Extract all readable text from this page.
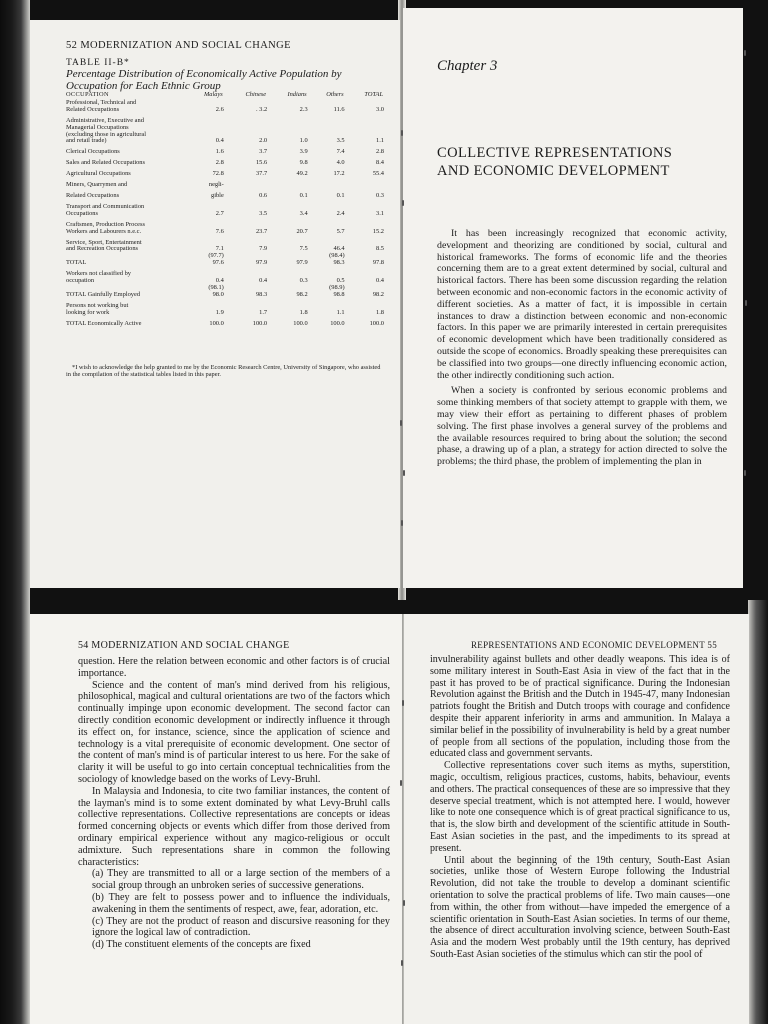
52 MODERNIZATION AND SOCIAL CHANGE
TABLE II-B*
Percentage Distribution of Economically Active Population by Occupation for Each Ethnic Group
OCCUPATION	Malays	Chinese	Indians	Others	TOTAL
Professional, Technical and					
Related Occupations	2.6	. 3.2	2.3	11.6	3.0
Administrative, Executive and					
Managerial Occupations					
(excluding those in agricultural					
and retail trade)	0.4	2.0	1.0	3.5	1.1
Clerical Occupations	1.6	3.7	3.9	7.4	2.8
Sales and Related Occupations	2.8	15.6	9.8	4.0	8.4
Agricultural Occupations	72.8	37.7	49.2	17.2	55.4
Miners, Quarrymen and	negli-				
Related Occupations	gible	0.6	0.1	0.1	0.3
Transport and Communication					
Occupations	2.7	3.5	3.4	2.4	3.1
Craftsmen, Production Process					
Workers and Labourers n.e.c.	7.6	23.7	20.7	5.7	15.2
Service, Sport, Entertainment					
and Recreation Occupations	7.1	7.9	7.5	46.4	8.5
	(97.7)			(98.4)	
TOTAL	97.6	97.9	97.9	98.3	97.8
Workers not classified by					
occupation	0.4	0.4	0.3	0.5	0.4
	(98.1)			(98.9)	
TOTAL Gainfully Employed	98.0	98.3	98.2	98.8	98.2
Persons not working but					
looking for work	1.9	1.7	1.8	1.1	1.8
TOTAL Economically Active	100.0	100.0	100.0	100.0	100.0
*I wish to acknowledge the help granted to me by the Economic Research Centre, University of Singapore, who assisted in the compilation of the statistical tables listed in this paper.
Chapter 3
COLLECTIVE REPRESENTATIONS
AND ECONOMIC DEVELOPMENT

It has been increasingly recognized that economic activity, development and theorizing are conditioned by social, cultural and historical frameworks. The forms of economic life and the theories concerning them are to a great extent determined by social, cultural and historical factors. There has been some discussion regarding the relation between economic and non-economic factors in the economic activity of different societies. As a matter of fact, it is impossible in certain instances to draw a distinction between economic and non-economic factors. In this paper we are primarily interested in certain prerequisites of economic development which have been traditionally considered as outside the scope of economics. Broadly speaking these prerequisites can be classified into two groups—one directly influencing economic action, the other indirectly conditioning such action.

When a society is confronted by serious economic problems and some thinking members of that society attempt to grapple with them, we may view their effort as pertaining to different phases of problem solving. The first phase involves a general survey of the problems and the available resources required to bring about the solution; the second phase, a drawing up of a plan, a strategy for action directed to solve the problems; the third phase, the problem of implementing the plan in

54 MODERNIZATION AND SOCIAL CHANGE

question. Here the relation between economic and other factors is of crucial importance.

Science and the content of man's mind derived from his religious, philosophical, magical and cultural orientations are two of the factors which continually impinge upon economic development. The second factor can directly condition economic development or indirectly influence it through its effect on, for instance, science, since the application of science and technology is a vital prerequisite of economic development. One sector of the content of man's mind is of particular interest to us here. For the sake of clarity it will be useful to go into certain conceptual technicalities from the sociology of knowledge based on the works of Levy-Bruhl.

In Malaysia and Indonesia, to cite two familiar instances, the content of the layman's mind is to some extent dominated by what Levy-Bruhl calls collective representations. Collective representations are concepts or ideas formed concerning objects or events which differ from those derived from ordinary empirical experience without any magico-religious or occult admixture. Such representations share in common the following characteristics:

(a) They are transmitted to all or a large section of the members of a social group through an unbroken series of successive generations.

(b) They are felt to possess power and to influence the individuals, awakening in them the sentiments of respect, awe, fear, adoration, etc.

(c) They are not the product of reason and discursive reasoning for they ignore the logical law of contradiction.

(d) The constituent elements of the concepts are fixed

REPRESENTATIONS AND ECONOMIC DEVELOPMENT 55

invulnerability against bullets and other deadly weapons. This idea is of some military interest in South-East Asia in view of the fact that in the past it has proved to be of practical significance. During the Indonesian Revolution against the British and the Dutch in 1945-47, many Indonesian patriots fought the British and Dutch troops with courage and confidence despite their apparent inferiority in arms and ammunition. In Malaya a similar belief in the possibility of invulnerability is held by a great number of people from all sections of the population, including those from the educated class and government servants.

Collective representations cover such items as myths, superstition, magic, occultism, religious practices, customs, habits, behaviour, events and others. The practical consequences of these are so impressive that they deserve special treatment, which is not attempted here. I would, however like to note one consequence which is of great practical significance to us, that is, the slow birth and development of the scientific attitude in South-East Asian societies in the past, and the impediments to its spread at present.

Until about the beginning of the 19th century, South-East Asian societies, unlike those of Western Europe following the Industrial Revolution, did not take the trouble to develop a dominant scientific orientation to solve the practical problems of life. Two main causes—one from within, the other from without—have impeded the emergence of a scientific orientation in South-East Asian societies. In terms of our theme, the absence of direct acculturation involving science, between South-East Asia and the modern West probably until the 19th century, has deprived South-East Asian societies of the stimulus which can stir the pool of
